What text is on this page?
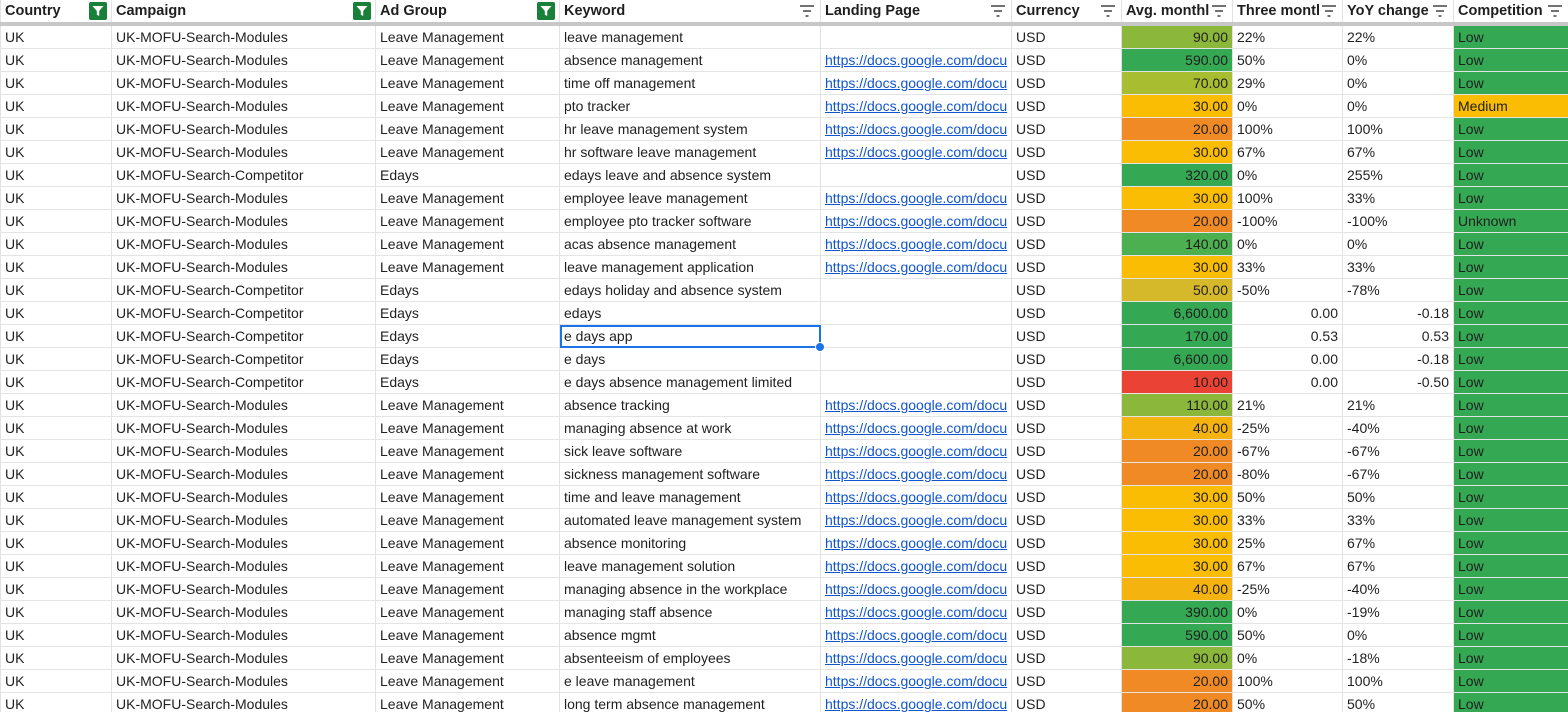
Country	Campaign	Ad Group	Keyword	Landing Page	Currency	Avg. monthl	Three montl	YoY change	Competition

UK	UK-MOFU-Search-Modules	Leave Management	leave management		USD	90.00	22%	22%	Low
UK	UK-MOFU-Search-Modules	Leave Management	absence management	https://docs.google.com/docu	USD	590.00	50%	0%	Low
UK	UK-MOFU-Search-Modules	Leave Management	time off management	https://docs.google.com/docu	USD	70.00	29%	0%	Low
UK	UK-MOFU-Search-Modules	Leave Management	pto tracker	https://docs.google.com/docu	USD	30.00	0%	0%	Medium
UK	UK-MOFU-Search-Modules	Leave Management	hr leave management system	https://docs.google.com/docu	USD	20.00	100%	100%	Low
UK	UK-MOFU-Search-Modules	Leave Management	hr software leave management	https://docs.google.com/docu	USD	30.00	67%	67%	Low
UK	UK-MOFU-Search-Competitor	Edays	edays leave and absence system		USD	320.00	0%	255%	Low
UK	UK-MOFU-Search-Modules	Leave Management	employee leave management	https://docs.google.com/docu	USD	30.00	100%	33%	Low
UK	UK-MOFU-Search-Modules	Leave Management	employee pto tracker software	https://docs.google.com/docu	USD	20.00	-100%	-100%	Unknown
UK	UK-MOFU-Search-Modules	Leave Management	acas absence management	https://docs.google.com/docu	USD	140.00	0%	0%	Low
UK	UK-MOFU-Search-Modules	Leave Management	leave management application	https://docs.google.com/docu	USD	30.00	33%	33%	Low
UK	UK-MOFU-Search-Competitor	Edays	edays holiday and absence system		USD	50.00	-50%	-78%	Low
UK	UK-MOFU-Search-Competitor	Edays	edays		USD	6,600.00	0.00	-0.18	Low
UK	UK-MOFU-Search-Competitor	Edays	e days app		USD	170.00	0.53	0.53	Low
UK	UK-MOFU-Search-Competitor	Edays	e days		USD	6,600.00	0.00	-0.18	Low
UK	UK-MOFU-Search-Competitor	Edays	e days absence management limited		USD	10.00	0.00	-0.50	Low
UK	UK-MOFU-Search-Modules	Leave Management	absence tracking	https://docs.google.com/docu	USD	110.00	21%	21%	Low
UK	UK-MOFU-Search-Modules	Leave Management	managing absence at work	https://docs.google.com/docu	USD	40.00	-25%	-40%	Low
UK	UK-MOFU-Search-Modules	Leave Management	sick leave software	https://docs.google.com/docu	USD	20.00	-67%	-67%	Low
UK	UK-MOFU-Search-Modules	Leave Management	sickness management software	https://docs.google.com/docu	USD	20.00	-80%	-67%	Low
UK	UK-MOFU-Search-Modules	Leave Management	time and leave management	https://docs.google.com/docu	USD	30.00	50%	50%	Low
UK	UK-MOFU-Search-Modules	Leave Management	automated leave management system	https://docs.google.com/docu	USD	30.00	33%	33%	Low
UK	UK-MOFU-Search-Modules	Leave Management	absence monitoring	https://docs.google.com/docu	USD	30.00	25%	67%	Low
UK	UK-MOFU-Search-Modules	Leave Management	leave management solution	https://docs.google.com/docu	USD	30.00	67%	67%	Low
UK	UK-MOFU-Search-Modules	Leave Management	managing absence in the workplace	https://docs.google.com/docu	USD	40.00	-25%	-40%	Low
UK	UK-MOFU-Search-Modules	Leave Management	managing staff absence	https://docs.google.com/docu	USD	390.00	0%	-19%	Low
UK	UK-MOFU-Search-Modules	Leave Management	absence mgmt	https://docs.google.com/docu	USD	590.00	50%	0%	Low
UK	UK-MOFU-Search-Modules	Leave Management	absenteeism of employees	https://docs.google.com/docu	USD	90.00	0%	-18%	Low
UK	UK-MOFU-Search-Modules	Leave Management	e leave management	https://docs.google.com/docu	USD	20.00	100%	100%	Low
UK	UK-MOFU-Search-Modules	Leave Management	long term absence management	https://docs.google.com/docu	USD	20.00	50%	50%	Low
